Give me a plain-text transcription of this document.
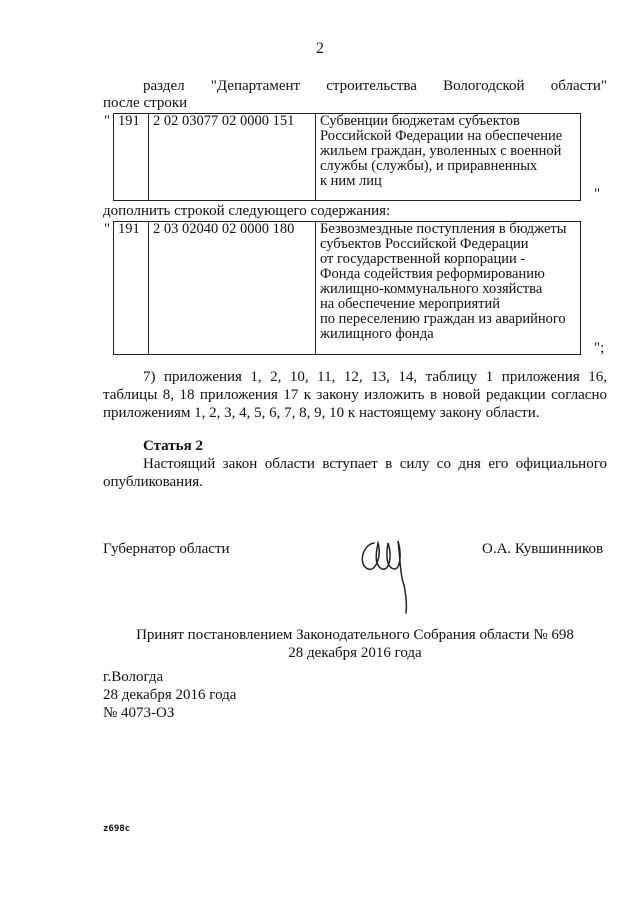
2
раздел "Департамент строительства Вологодской области"
после строки
" 191	2 02 03077 02 0000 151	Субвенции бюджетам субъектов
Российской Федерации на обеспечение
жильем граждан, уволенных с военной
службы (службы), и приравненных
к ним лиц
"
дополнить строкой следующего содержания:
" 191	2 03 02040 02 0000 180	Безвозмездные поступления в бюджеты
субъектов Российской Федерации
от государственной корпорации -
Фонда содействия реформированию
жилищно-коммунального хозяйства
на обеспечение мероприятий
по переселению граждан из аварийного
жилищного фонда
";
7) приложения 1, 2, 10, 11, 12, 13, 14, таблицу 1 приложения 16,
таблицы 8, 18 приложения 17 к закону изложить в новой редакции согласно
приложениям 1, 2, 3, 4, 5, 6, 7, 8, 9, 10 к настоящему закону области.
Статья 2
Настоящий закон области вступает в силу со дня его официального
опубликования.
Губернатор области	О.А. Кувшинников
Принят постановлением Законодательного Собрания области № 698
28 декабря 2016 года
г.Вологда
28 декабря 2016 года
№ 4073-ОЗ
z698c
